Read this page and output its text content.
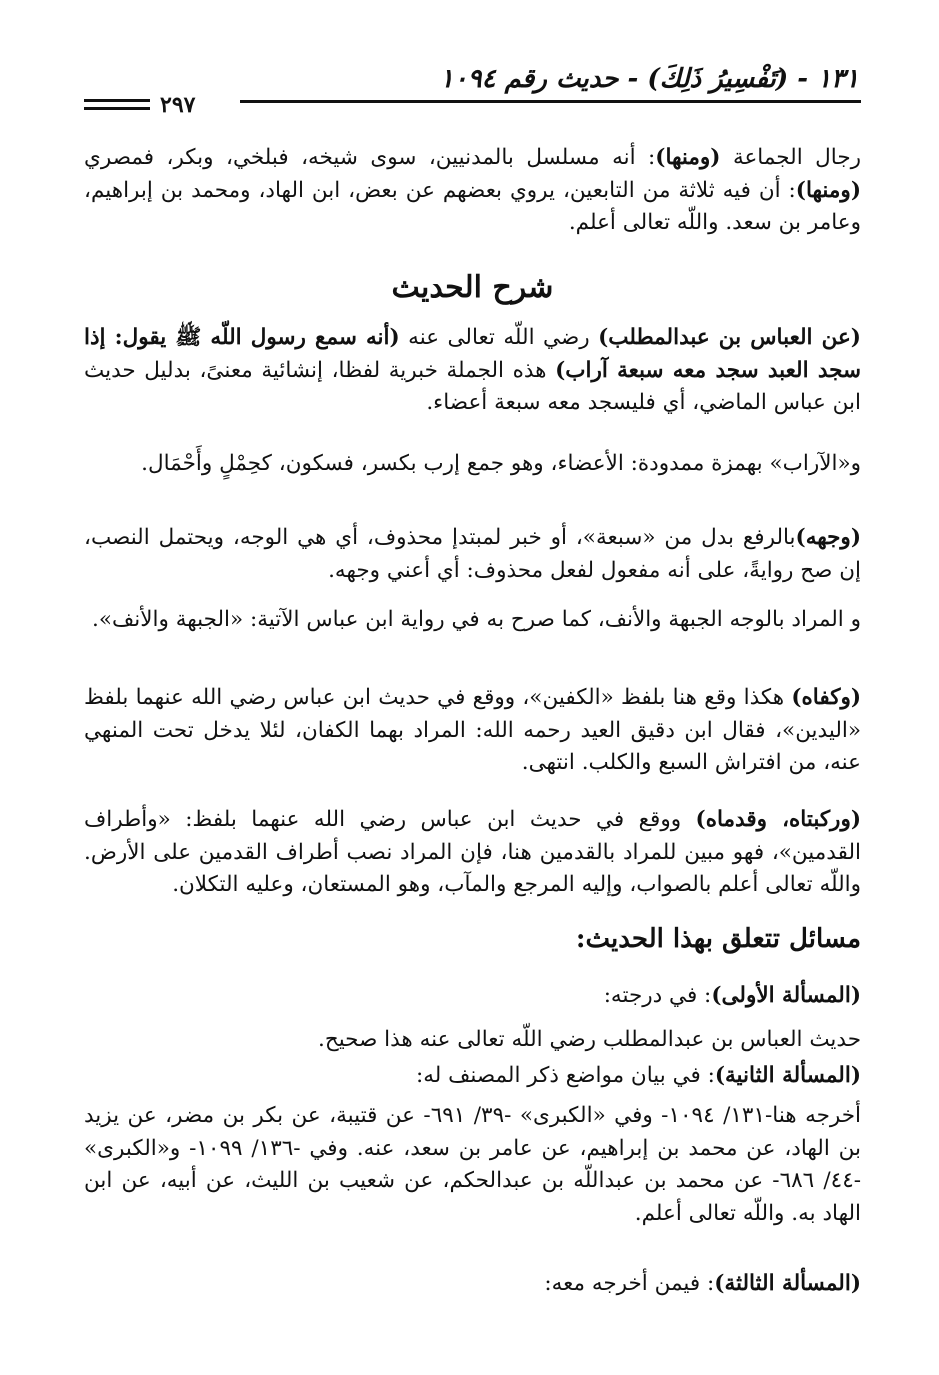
١٣١ - (تَفْسِيرُ ذَلِكَ) - حديث رقم ١٠٩٤
٢٩٧
رجال الجماعة (ومنها): أنه مسلسل بالمدنيين، سوى شيخه، فبلخي، وبكر، فمصري (ومنها): أن فيه ثلاثة من التابعين، يروي بعضهم عن بعض، ابن الهاد، ومحمد بن إبراهيم، وعامر بن سعد. واللّه تعالى أعلم.
شرح الحديث
(عن العباس بن عبدالمطلب) رضي اللّه تعالى عنه (أنه سمع رسول اللّه ﷺ يقول: إذا سجد العبد سجد معه سبعة آراب) هذه الجملة خبرية لفظا، إنشائية معنىً، بدليل حديث ابن عباس الماضي، أي فليسجد معه سبعة أعضاء.
و«الآراب» بهمزة ممدودة: الأعضاء، وهو جمع إرب بكسر، فسكون، كحِمْلٍ وأَحْمَال.
(وجهه)بالرفع بدل من «سبعة»، أو خبر لمبتدإ محذوف، أي هي الوجه، ويحتمل النصب، إن صح روايةً، على أنه مفعول لفعل محذوف: أي أعني وجهه.
و المراد بالوجه الجبهة والأنف، كما صرح به في رواية ابن عباس الآتية: «الجبهة والأنف».
(وكفاه) هكذا وقع هنا بلفظ «الكفين»، ووقع في حديث ابن عباس رضي الله عنهما بلفظ «اليدين»، فقال ابن دقيق العيد رحمه الله: المراد بهما الكفان، لئلا يدخل تحت المنهي عنه، من افتراش السبع والكلب. انتهى.
(وركبتاه، وقدماه) ووقع في حديث ابن عباس رضي الله عنهما بلفظ: «وأطراف القدمين»، فهو مبين للمراد بالقدمين هنا، فإن المراد نصب أطراف القدمين على الأرض. واللّه تعالى أعلم بالصواب، وإليه المرجع والمآب، وهو المستعان، وعليه التكلان.
مسائل تتعلق بهذا الحديث:
(المسألة الأولى): في درجته:
حديث العباس بن عبدالمطلب رضي اللّه تعالى عنه هذا صحيح.
(المسألة الثانية): في بيان مواضع ذكر المصنف له:
أخرجه هنا-١٣١/ ١٠٩٤- وفي «الكبرى» -٣٩/ ٦٩١- عن قتيبة، عن بكر بن مضر، عن يزيد بن الهاد، عن محمد بن إبراهيم، عن عامر بن سعد، عنه. وفي -١٣٦/ ١٠٩٩- و«الكبرى» -٤٤/ ٦٨٦- عن محمد بن عبداللّه بن عبدالحكم، عن شعيب بن الليث، عن أبيه، عن ابن الهاد به. واللّه تعالى أعلم.
(المسألة الثالثة): فيمن أخرجه معه:
